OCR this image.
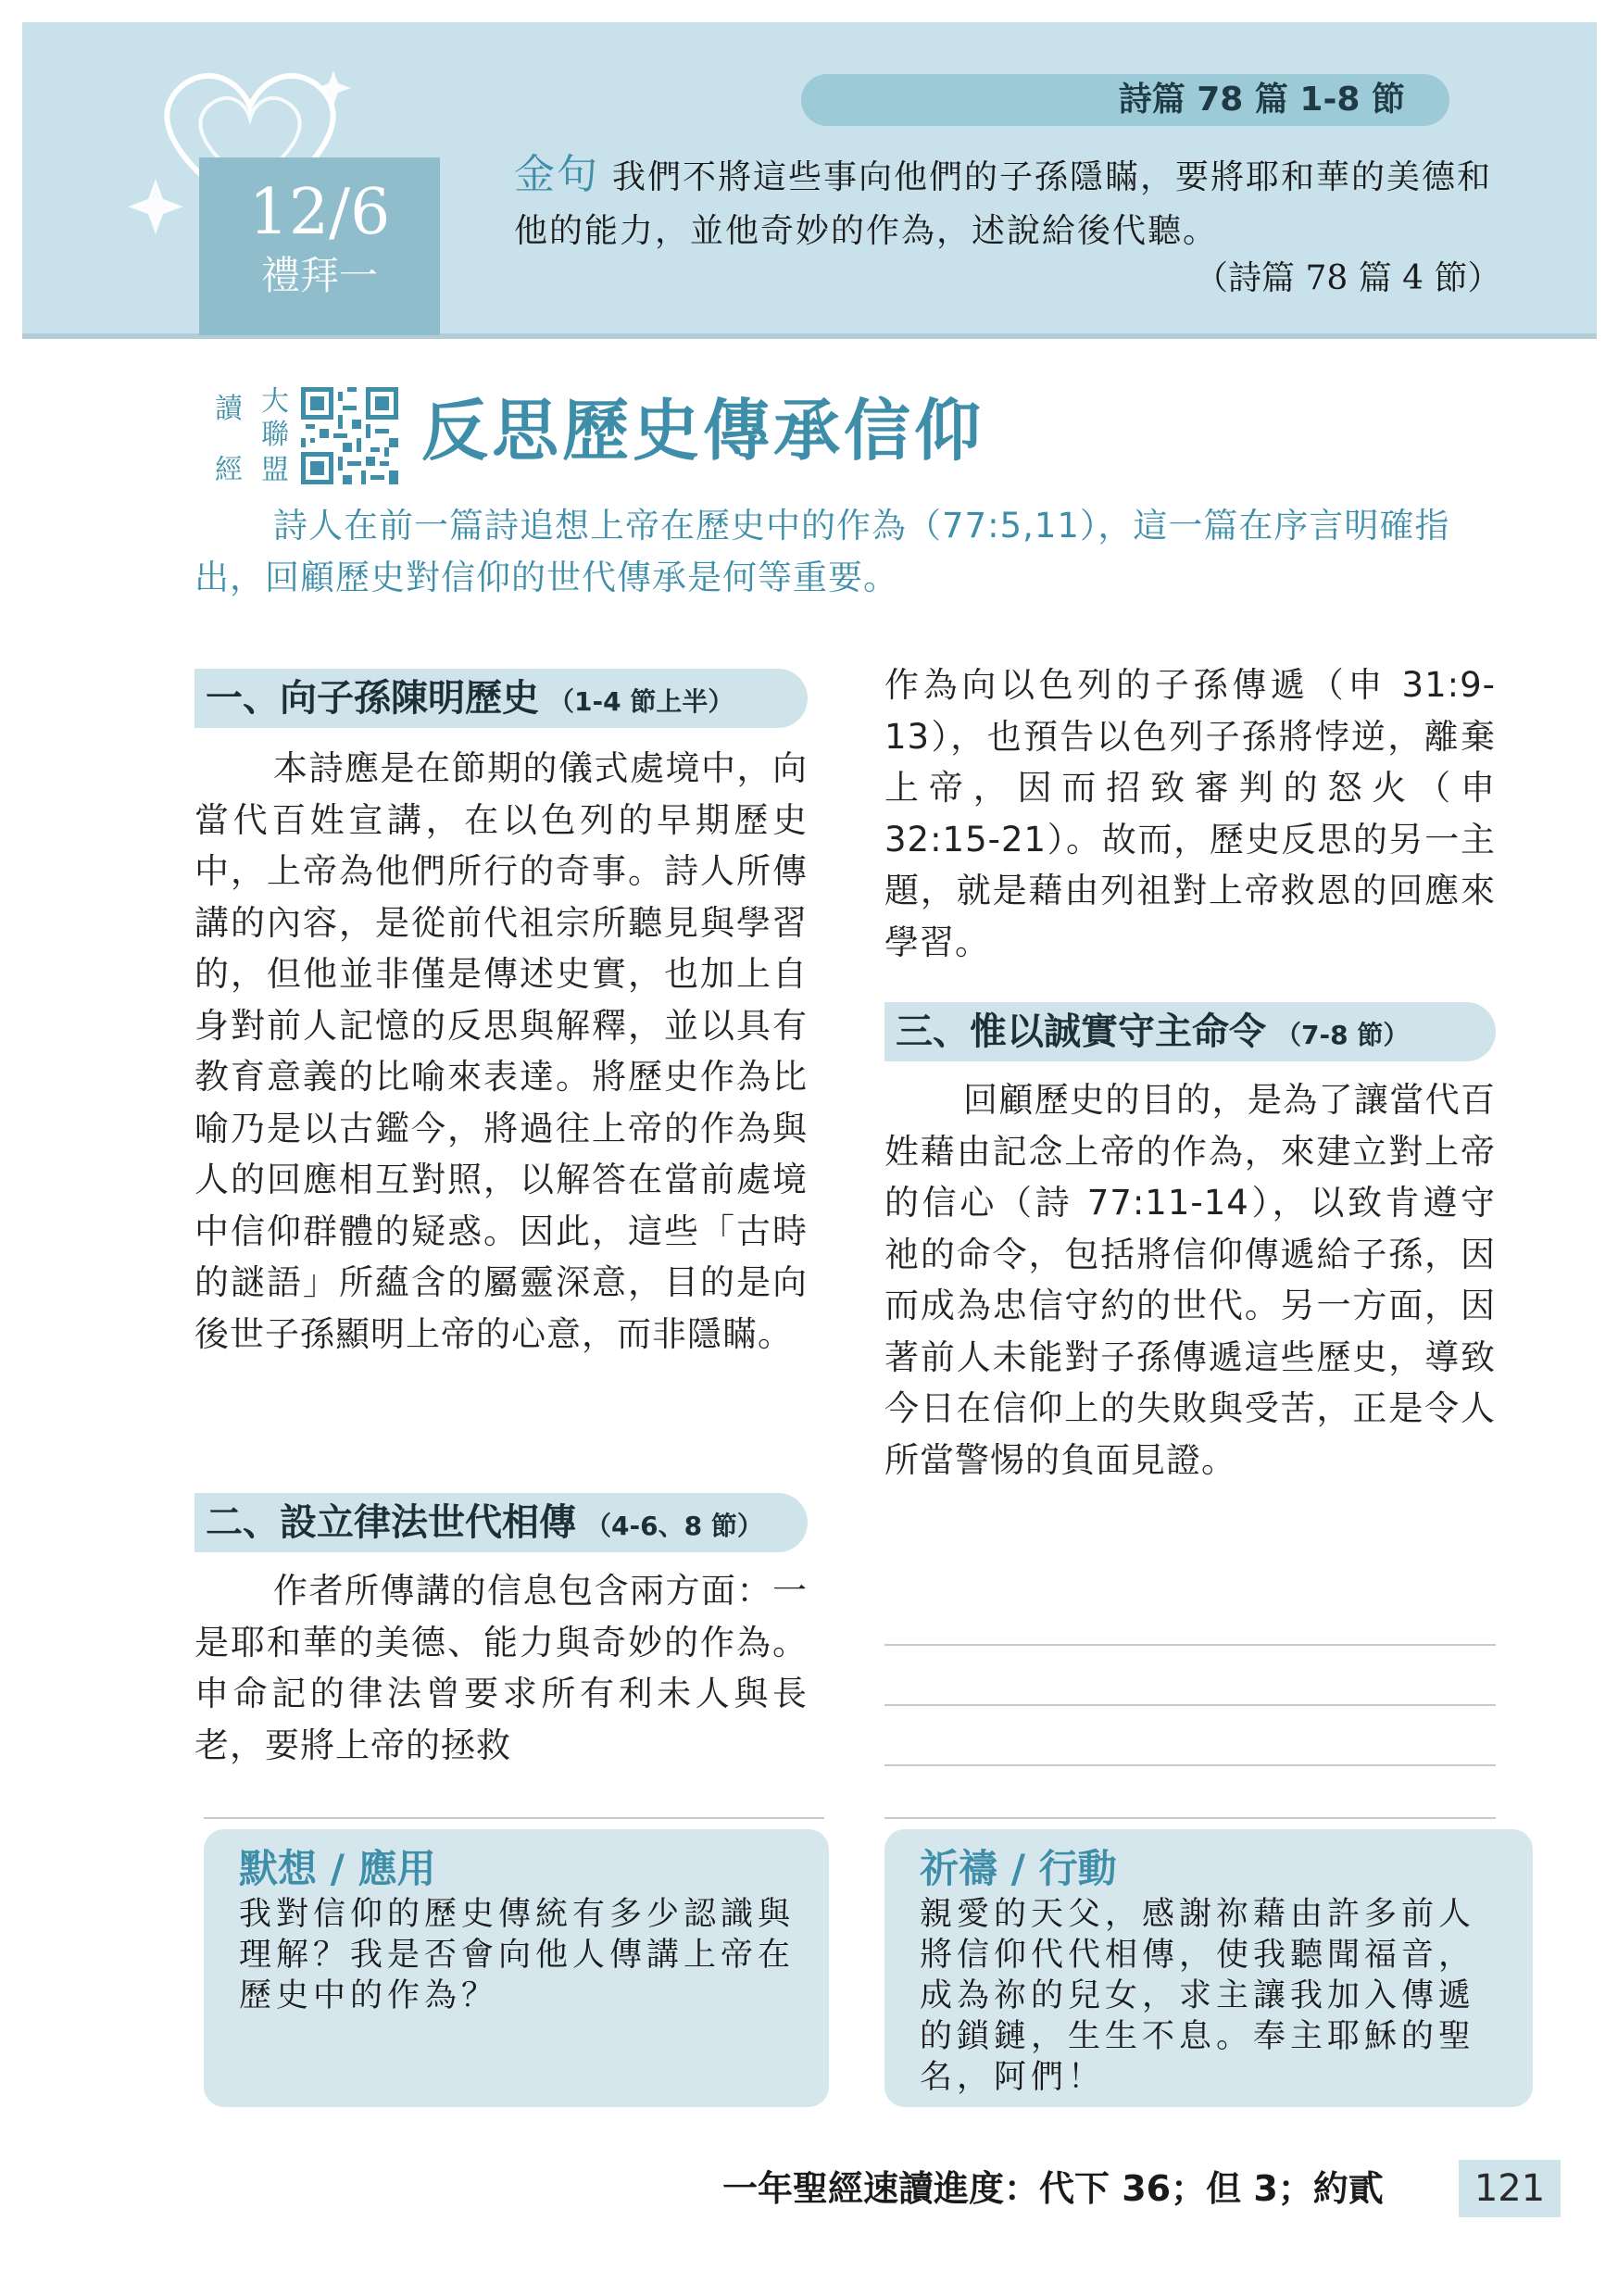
12/6
禮拜一
詩篇 78 篇 1-8 節
金句 我們不將這些事向他們的子孫隱瞞，要將耶和華的美德和他的能力，並他奇妙的作為，述說給後代聽。
（詩篇 78 篇 4 節）
讀
經
大
聯
盟
反思歷史傳承信仰
詩人在前一篇詩追想上帝在歷史中的作為（77:5,11），這一篇在序言明確指出，回顧歷史對信仰的世代傳承是何等重要。
一、向子孫陳明歷史 （1-4 節上半）
本詩應是在節期的儀式處境中，向當代百姓宣講，在以色列的早期歷史中，上帝為他們所行的奇事。詩人所傳講的內容，是從前代祖宗所聽見與學習的，但他並非僅是傳述史實，也加上自身對前人記憶的反思與解釋，並以具有教育意義的比喻來表達。將歷史作為比喻乃是以古鑑今，將過往上帝的作為與人的回應相互對照，以解答在當前處境中信仰群體的疑惑。因此，這些「古時的謎語」所蘊含的屬靈深意，目的是向後世子孫顯明上帝的心意，而非隱瞞。
二、設立律法世代相傳 （4-6、8 節）
作者所傳講的信息包含兩方面：一是耶和華的美德、能力與奇妙的作為。申命記的律法曾要求所有利未人與長老，要將上帝的拯救
作為向以色列的子孫傳遞（申 31:9-13），也預告以色列子孫將悖逆，離棄上帝，因而招致審判的怒火（申 32:15-21）。故而，歷史反思的另一主題，就是藉由列祖對上帝救恩的回應來學習。
三、惟以誠實守主命令 （7-8 節）
回顧歷史的目的，是為了讓當代百姓藉由記念上帝的作為，來建立對上帝的信心（詩 77:11-14），以致肯遵守祂的命令，包括將信仰傳遞給子孫，因而成為忠信守約的世代。另一方面，因著前人未能對子孫傳遞這些歷史，導致今日在信仰上的失敗與受苦，正是令人所當警惕的負面見證。
默想 / 應用
我對信仰的歷史傳統有多少認識與理解？我是否會向他人傳講上帝在歷史中的作為？
祈禱 / 行動
親愛的天父，感謝祢藉由許多前人將信仰代代相傳，使我聽聞福音，成為祢的兒女，求主讓我加入傳遞的鎖鏈，生生不息。奉主耶穌的聖名，阿們！
一年聖經速讀進度：代下 36；但 3；約貳	121
